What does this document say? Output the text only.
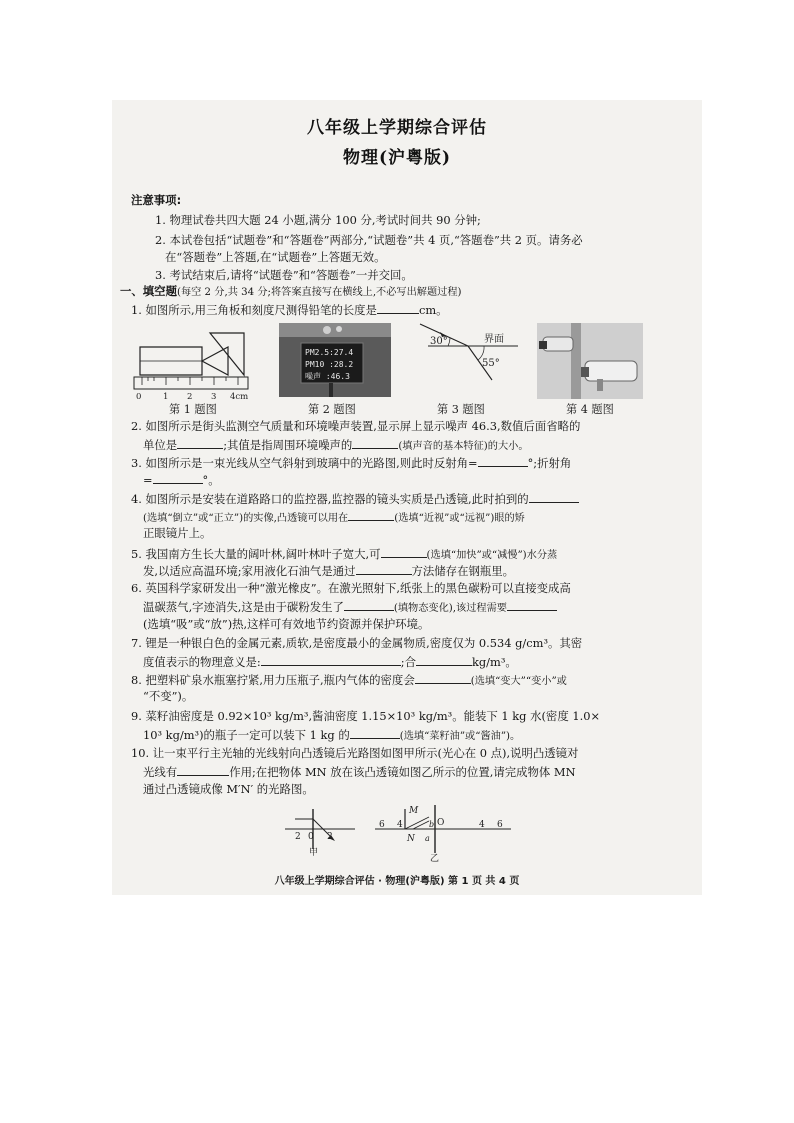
八年级上学期综合评估
物理(沪粤版)
注意事项:
1. 物理试卷共四大题 24 小题,满分 100 分,考试时间共 90 分钟;
2. 本试卷包括“试题卷”和“答题卷”两部分,“试题卷”共 4 页,“答题卷”共 2 页。请务必
在“答题卷”上答题,在“试题卷”上答题无效。
3. 考试结束后,请将“试题卷”和“答题卷”一并交回。
一、填空题(每空 2 分,共 34 分;将答案直接写在横线上,不必写出解题过程)
1. 如图所示,用三角板和刻度尺测得铅笔的长度是	cm。
0	1 2 3 4cm
PM2.5:27.4
PM10 :28.2
噪声 :46.3
30°
55°
界面
第 1 题图	第 2 题图	第 3 题图	第 4 题图
2. 如图所示是街头监测空气质量和环境噪声装置,显示屏上显示噪声 46.3,数值后面省略的
单位是	;其值是指周围环境噪声的	(填声音的基本特征)的大小。
3. 如图所示是一束光线从空气斜射到玻璃中的光路图,则此时反射角=	°;折射角
=	°。
4. 如图所示是安装在道路路口的监控器,监控器的镜头实质是凸透镜,此时拍到的
(选填“倒立”或“正立”)的实像,凸透镜可以用在	(选填“近视”或“远视”)眼的矫
正眼镜片上。
5. 我国南方生长大量的阔叶林,阔叶林叶子宽大,可	(选填“加快”或“减慢”)水分蒸
发,以适应高温环境;家用液化石油气是通过	方法储存在钢瓶里。
6. 英国科学家研发出一种“激光橡皮”。在激光照射下,纸张上的黑色碳粉可以直接变成高
温碳蒸气,字迹消失,这是由于碳粉发生了	(填物态变化),该过程需要
(选填“吸”或“放”)热,这样可有效地节约资源并保护环境。
7. 锂是一种银白色的金属元素,质软,是密度最小的金属物质,密度仅为 0.534 g/cm³。其密
度值表示的物理意义是:	;合	kg/m³。
8. 把塑料矿泉水瓶塞拧紧,用力压瓶子,瓶内气体的密度会	(选填“变大”“变小”或
“不变”)。
9. 菜籽油密度是 0.92×10³ kg/m³,酱油密度 1.15×10³ kg/m³。能装下 1 kg 水(密度 1.0×
10³ kg/m³)的瓶子一定可以装下 1 kg 的	(选填“菜籽油”或“酱油”)。
10. 让一束平行主光轴的光线射向凸透镜后光路图如图甲所示(光心在 0 点),说明凸透镜对
光线有	作用;在把物体 MN 放在该凸透镜如图乙所示的位置,请完成物体 MN
通过凸透镜成像 M′N′ 的光路图。
2 0 2
甲
M
N
O
b
a
6 4	4 6
乙
八年级上学期综合评估 · 物理(沪粤版) 第 1 页 共 4 页
